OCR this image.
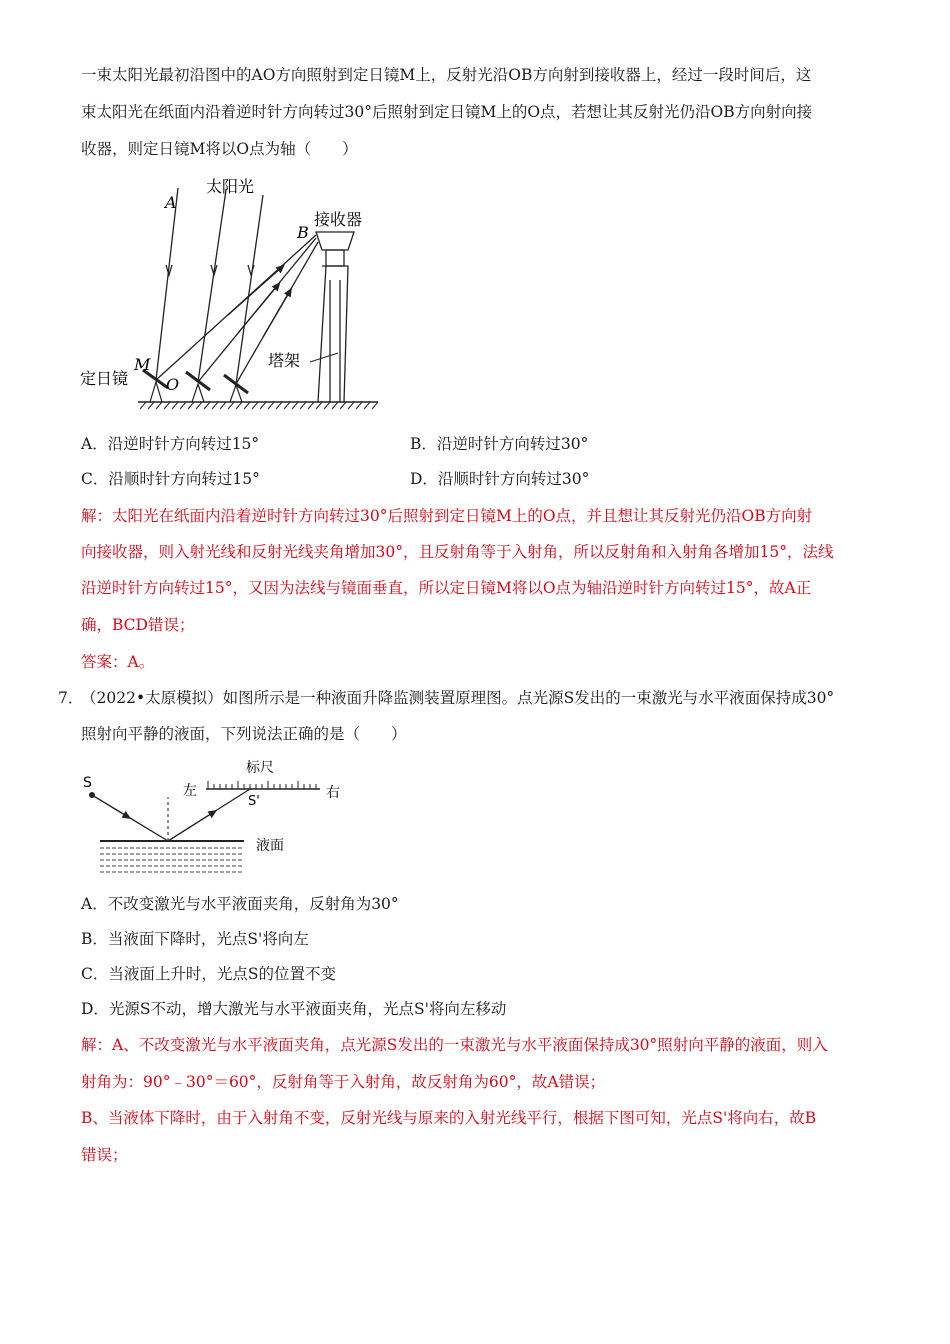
一束太阳光最初沿图中的AO方向照射到定日镜M上，反射光沿OB方向射到接收器上，经过一段时间后，这
束太阳光在纸面内沿着逆时针方向转过30°后照射到定日镜M上的O点，若想让其反射光仍沿OB方向射向接
收器，则定日镜M将以O点为轴（　　）
A
太阳光
接收器
B
M
O
定日镜
塔架
A．沿逆时针方向转过15°	B．沿逆时针方向转过30°
C．沿顺时针方向转过15°	D．沿顺时针方向转过30°
解：太阳光在纸面内沿着逆时针方向转过30°后照射到定日镜M上的O点，并且想让其反射光仍沿OB方向射
向接收器，则入射光线和反射光线夹角增加30°，且反射角等于入射角，所以反射角和入射角各增加15°，法线
沿逆时针方向转过15°，又因为法线与镜面垂直，所以定日镜M将以O点为轴沿逆时针方向转过15°，故A正
确，BCD错误；
答案：A。
7．
（2022•太原模拟）如图所示是一种液面升降监测装置原理图。点光源S发出的一束激光与水平液面保持成30°
照射向平静的液面，下列说法正确的是（　　）
S	左
标尺
S'
右
液面
A．不改变激光与水平液面夹角，反射角为30°
B．当液面下降时，光点S'将向左
C．当液面上升时，光点S的位置不变
D．光源S不动，增大激光与水平液面夹角，光点S'将向左移动
解：A、不改变激光与水平液面夹角，点光源S发出的一束激光与水平液面保持成30°照射向平静的液面，则入
射角为：90°﹣30°＝60°，反射角等于入射角，故反射角为60°，故A错误；
B、当液体下降时，由于入射角不变，反射光线与原来的入射光线平行，根据下图可知，光点S'将向右，故B
错误；
